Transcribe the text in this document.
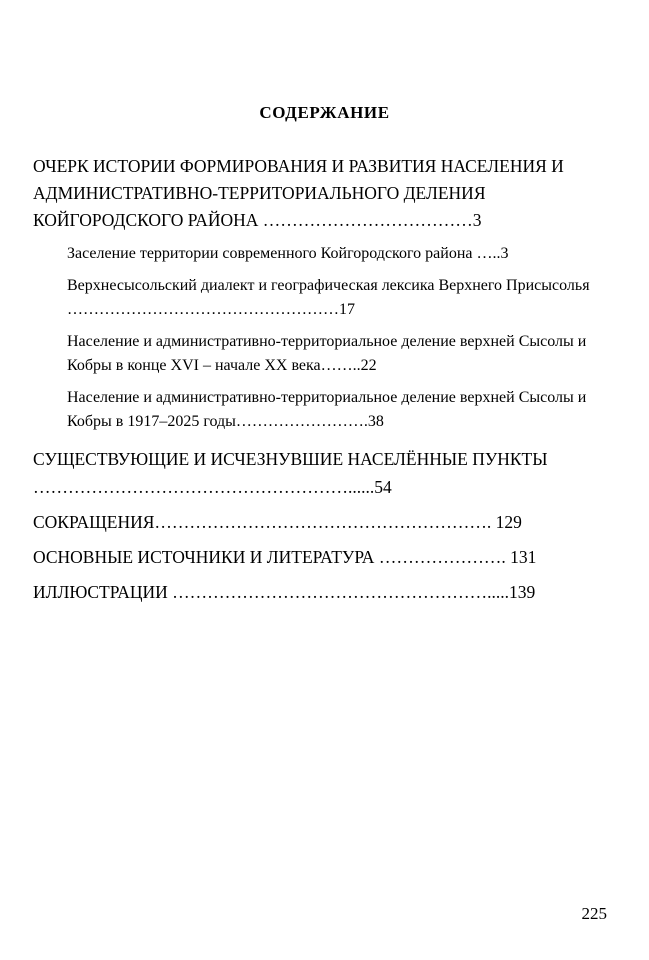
СОДЕРЖАНИЕ
ОЧЕРК ИСТОРИИ ФОРМИРОВАНИЯ И РАЗВИТИЯ НАСЕЛЕНИЯ И АДМИНИСТРАТИВНО-ТЕРРИТОРИАЛЬНОГО ДЕЛЕНИЯ КОЙГОРОДСКОГО РАЙОНА ………………………………3
Заселение территории современного Койгородского района …..3
Верхнесысольский диалект и географическая лексика Верхнего Присысолья ……………………………………………17
Население и административно-территориальное деление верхней Сысолы и Кобры в конце XVI – начале XX века……..22
Население и административно-территориальное деление верхней Сысолы и Кобры в 1917–2025 годы…………………….38
СУЩЕСТВУЮЩИЕ И ИСЧЕЗНУВШИЕ НАСЕЛЁННЫЕ ПУНКТЫ ………………………………………………......54
СОКРАЩЕНИЯ…………………………………………………. 129
ОСНОВНЫЕ ИСТОЧНИКИ И ЛИТЕРАТУРА …………………. 131
ИЛЛЮСТРАЦИИ ……………………………………………….....139
225
